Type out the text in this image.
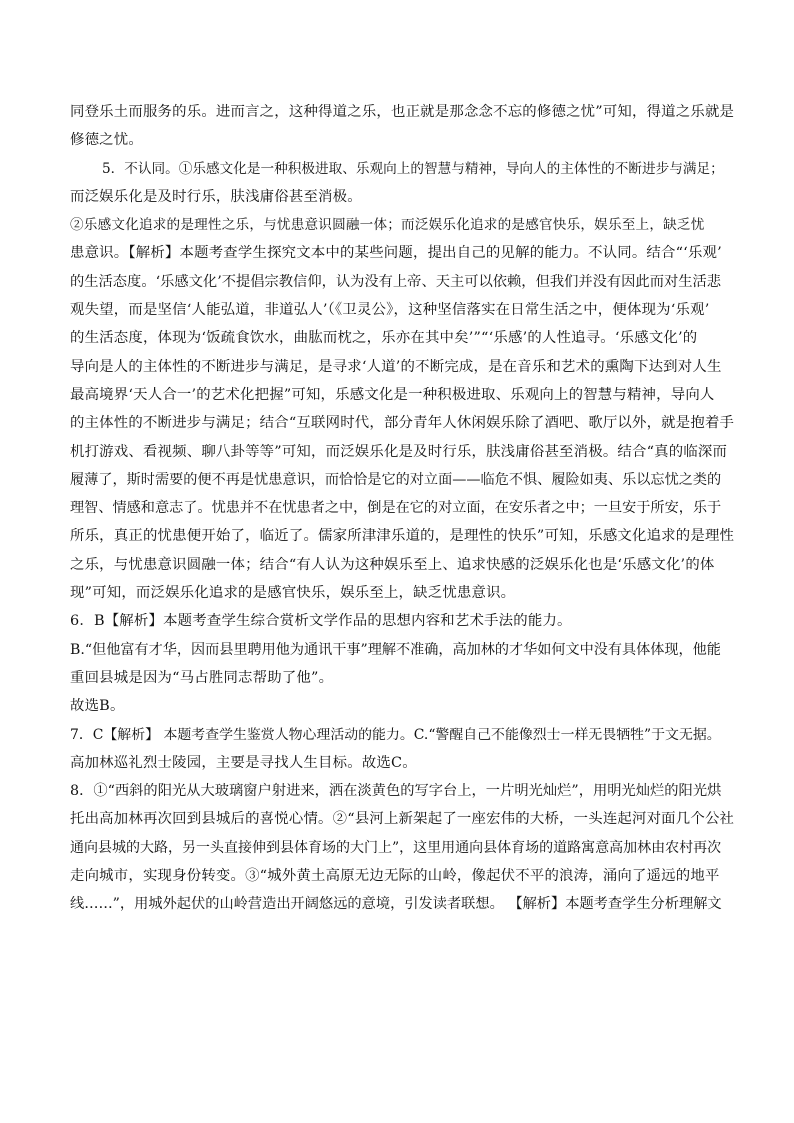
同登乐土而服务的乐。进而言之，这种得道之乐，也正就是那念念不忘的修德之忧”可知，得道之乐就是
修德之忧。
5．不认同。①乐感文化是一种积极进取、乐观向上的智慧与精神，导向人的主体性的不断进步与满足；
而泛娱乐化是及时行乐，肤浅庸俗甚至消极。
②乐感文化追求的是理性之乐，与忧患意识圆融一体；而泛娱乐化追求的是感官快乐，娱乐至上，缺乏忧
患意识。【解析】本题考查学生探究文本中的某些问题，提出自己的见解的能力。不认同。结合“‘乐观’
的生活态度。‘乐感文化’不提倡宗教信仰，认为没有上帝、天主可以依赖，但我们并没有因此而对生活悲
观失望，而是坚信‘人能弘道，非道弘人’（《卫灵公》，这种坚信落实在日常生活之中，便体现为‘乐观’
的生活态度，体现为‘饭疏食饮水，曲肱而枕之，乐亦在其中矣’”“‘乐感’的人性追寻。‘乐感文化’的
导向是人的主体性的不断进步与满足，是寻求‘人道’的不断完成，是在音乐和艺术的熏陶下达到对人生
最高境界‘天人合一’的艺术化把握”可知，乐感文化是一种积极进取、乐观向上的智慧与精神，导向人
的主体性的不断进步与满足；结合“互联网时代，部分青年人休闲娱乐除了酒吧、歌厅以外，就是抱着手
机打游戏、看视频、聊八卦等等”可知，而泛娱乐化是及时行乐，肤浅庸俗甚至消极。结合“真的临深而
履薄了，斯时需要的便不再是忧患意识，而恰恰是它的对立面——临危不惧、履险如夷、乐以忘忧之类的
理智、情感和意志了。忧患并不在忧患者之中，倒是在它的对立面，在安乐者之中；一旦安于所安，乐于
所乐，真正的忧患便开始了，临近了。儒家所津津乐道的，是理性的快乐”可知，乐感文化追求的是理性
之乐，与忧患意识圆融一体；结合“有人认为这种娱乐至上、追求快感的泛娱乐化也是‘乐感文化’的体
现”可知，而泛娱乐化追求的是感官快乐，娱乐至上，缺乏忧患意识。
6．B【解析】本题考查学生综合赏析文学作品的思想内容和艺术手法的能力。
B.“但他富有才华，因而县里聘用他为通讯干事”理解不准确，高加林的才华如何文中没有具体体现，他能
重回县城是因为“马占胜同志帮助了他”。
故选B。
7．C【解析】 本题考查学生鉴赏人物心理活动的能力。C.“警醒自己不能像烈士一样无畏牺牲”于文无据。
高加林巡礼烈士陵园，主要是寻找人生目标。故选C。
8．①“西斜的阳光从大玻璃窗户射进来，洒在淡黄色的写字台上，一片明光灿烂”，用明光灿烂的阳光烘
托出高加林再次回到县城后的喜悦心情。②“县河上新架起了一座宏伟的大桥，一头连起河对面几个公社
通向县城的大路，另一头直接伸到县体育场的大门上”，这里用通向县体育场的道路寓意高加林由农村再次
走向城市，实现身份转变。③“城外黄土高原无边无际的山岭，像起伏不平的浪涛，涌向了遥远的地平
线……”，用城外起伏的山岭营造出开阔悠远的意境，引发读者联想。 【解析】本题考查学生分析理解文
